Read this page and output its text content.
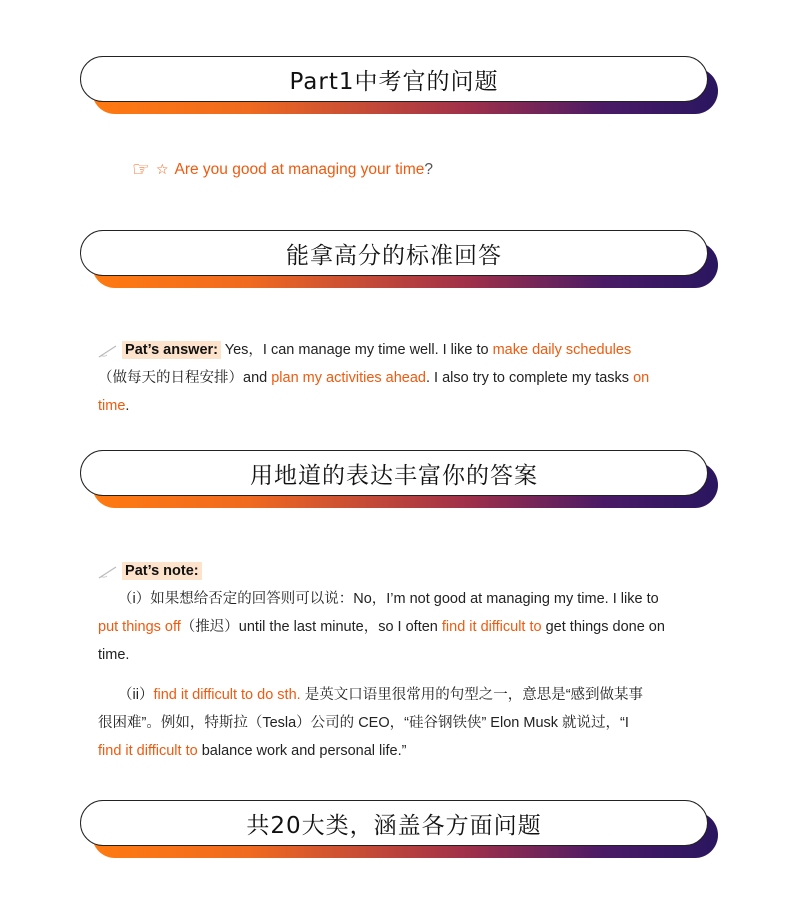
Part1中考官的问题
☞ ☆ Are you good at managing your time?
能拿高分的标准回答
Pat’s answer: Yes，I can manage my time well. I like to make daily schedules
（做每天的日程安排）and plan my activities ahead. I also try to complete my tasks on
time.
用地道的表达丰富你的答案
Pat’s note:
（i）如果想给否定的回答则可以说：No，I’m not good at managing my time. I like to
put things off（推迟）until the last minute，so I often find it difficult to get things done on
time.
（ii）find it difficult to do sth. 是英文口语里很常用的句型之一，意思是“感到做某事
很困难”。例如，特斯拉（Tesla）公司的 CEO，“硅谷钢铁侠” Elon Musk 就说过，“I
find it difficult to balance work and personal life.”
共20大类，涵盖各方面问题
